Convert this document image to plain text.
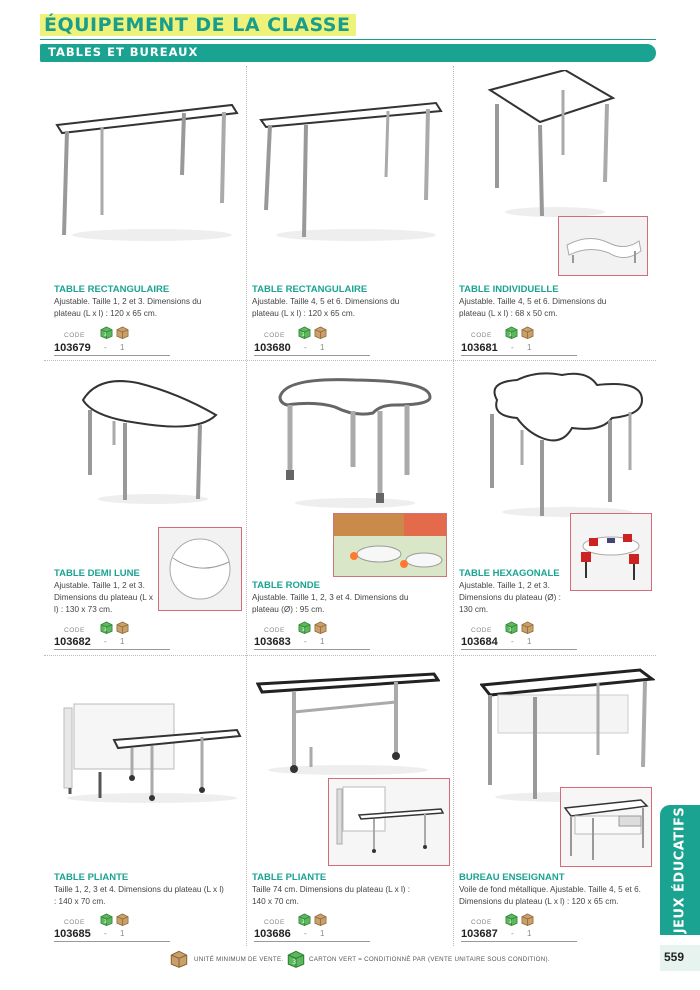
ÉQUIPEMENT DE LA CLASSE
TABLES ET BUREAUX
TABLE RECTANGULAIRE
Ajustable. Taille 1, 2 et 3. Dimensions du plateau (L x l) : 120 x 65 cm.
CODE
103679 - 1
TABLE RECTANGULAIRE
Ajustable. Taille 4, 5 et 6. Dimensions du plateau (L x l) : 120 x 65 cm.
CODE
103680 - 1
TABLE INDIVIDUELLE
Ajustable. Taille 4, 5 et 6. Dimensions du plateau (L x l) : 68 x 50 cm.
CODE
103681 - 1
TABLE DEMI LUNE
Ajustable. Taille 1, 2 et 3. Dimensions du plateau (L x l) : 130 x 73 cm.
CODE
103682 - 1
TABLE RONDE
Ajustable. Taille 1, 2, 3 et 4. Dimensions du plateau (Ø) : 95 cm.
CODE
103683 - 1
TABLE HEXAGONALE
Ajustable. Taille 1, 2 et 3. Dimensions du plateau (Ø) : 130 cm.
CODE
103684 - 1
TABLE PLIANTE
Taille 1, 2, 3 et 4. Dimensions du plateau (L x l) : 140 x 70 cm.
CODE
103685 - 1
TABLE PLIANTE
Taille 74 cm. Dimensions du plateau (L x l) : 140 x 70 cm.
CODE
103686 - 1
BUREAU ENSEIGNANT
Voile de fond métallique. Ajustable. Taille 4, 5 et 6. Dimensions du plateau (L x l) : 120 x 65 cm.
CODE
103687 - 1
JEUX ÉDUCATIFS
559
UNITÉ MINIMUM DE VENTE.	CARTON VERT = CONDITIONNÉ PAR (VENTE UNITAIRE SOUS CONDITION).
